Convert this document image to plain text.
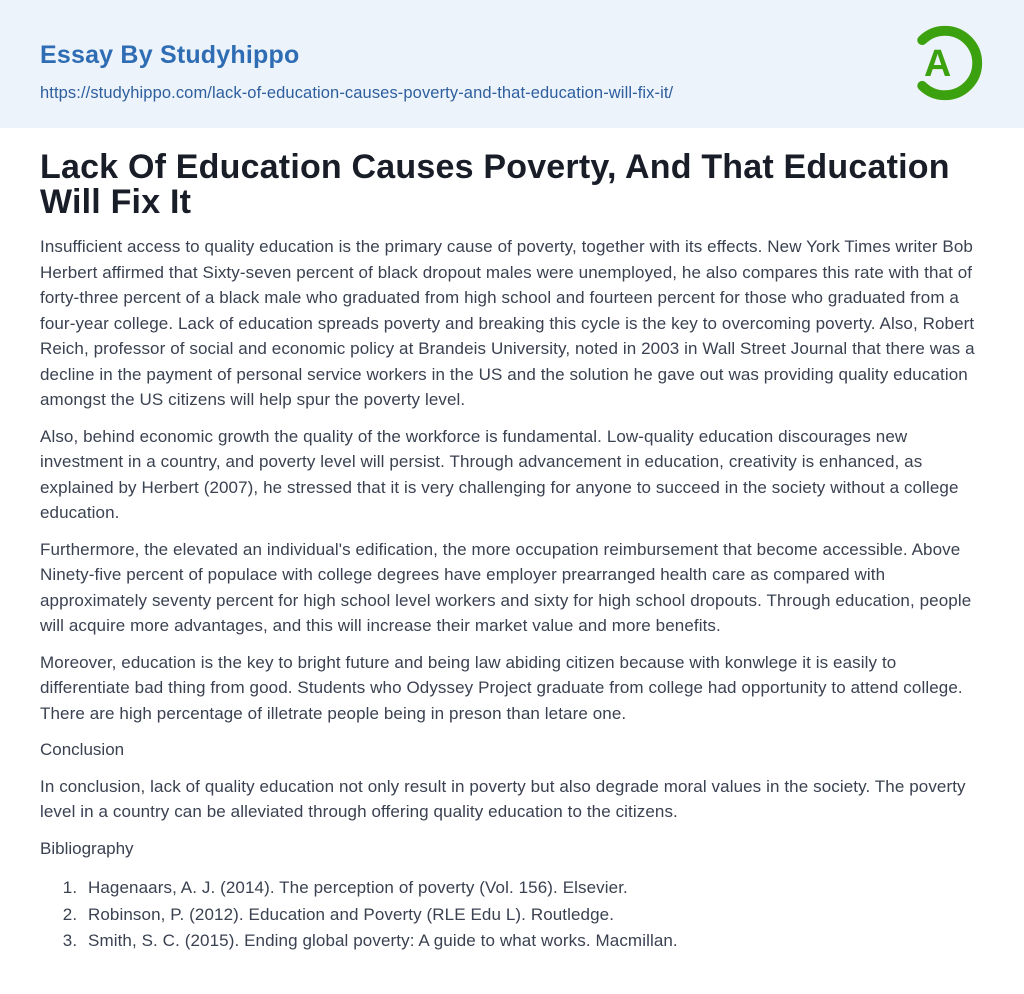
Essay By Studyhippo
https://studyhippo.com/lack-of-education-causes-poverty-and-that-education-will-fix-it/
A
Lack Of Education Causes Poverty, And That Education Will Fix It

Insufficient access to quality education is the primary cause of poverty, together with its effects. New York Times writer Bob Herbert affirmed that Sixty-seven percent of black dropout males were unemployed, he also compares this rate with that of forty-three percent of a black male who graduated from high school and fourteen percent for those who graduated from a four-year college. Lack of education spreads poverty and breaking this cycle is the key to overcoming poverty. Also, Robert Reich, professor of social and economic policy at Brandeis University, noted in 2003 in Wall Street Journal that there was a decline in the payment of personal service workers in the US and the solution he gave out was providing quality education amongst the US citizens will help spur the poverty level.

Also, behind economic growth the quality of the workforce is fundamental. Low-quality education discourages new investment in a country, and poverty level will persist. Through advancement in education, creativity is enhanced, as explained by Herbert (2007), he stressed that it is very challenging for anyone to succeed in the society without a college education.

Furthermore, the elevated an individual's edification, the more occupation reimbursement that become accessible. Above Ninety-five percent of populace with college degrees have employer prearranged health care as compared with approximately seventy percent for high school level workers and sixty for high school dropouts. Through education, people will acquire more advantages, and this will increase their market value and more benefits.

Moreover, education is the key to bright future and being law abiding citizen because with konwlege it is easily to differentiate bad thing from good. Students who Odyssey Project graduate from college had opportunity to attend college. There are high percentage of illetrate people being in preson than letare one.

Conclusion

In conclusion, lack of quality education not only result in poverty but also degrade moral values in the society. The poverty level in a country can be alleviated through offering quality education to the citizens.

Bibliography
1. Hagenaars, A. J. (2014). The perception of poverty (Vol. 156). Elsevier.
2. Robinson, P. (2012). Education and Poverty (RLE Edu L). Routledge.
3. Smith, S. C. (2015). Ending global poverty: A guide to what works. Macmillan.
